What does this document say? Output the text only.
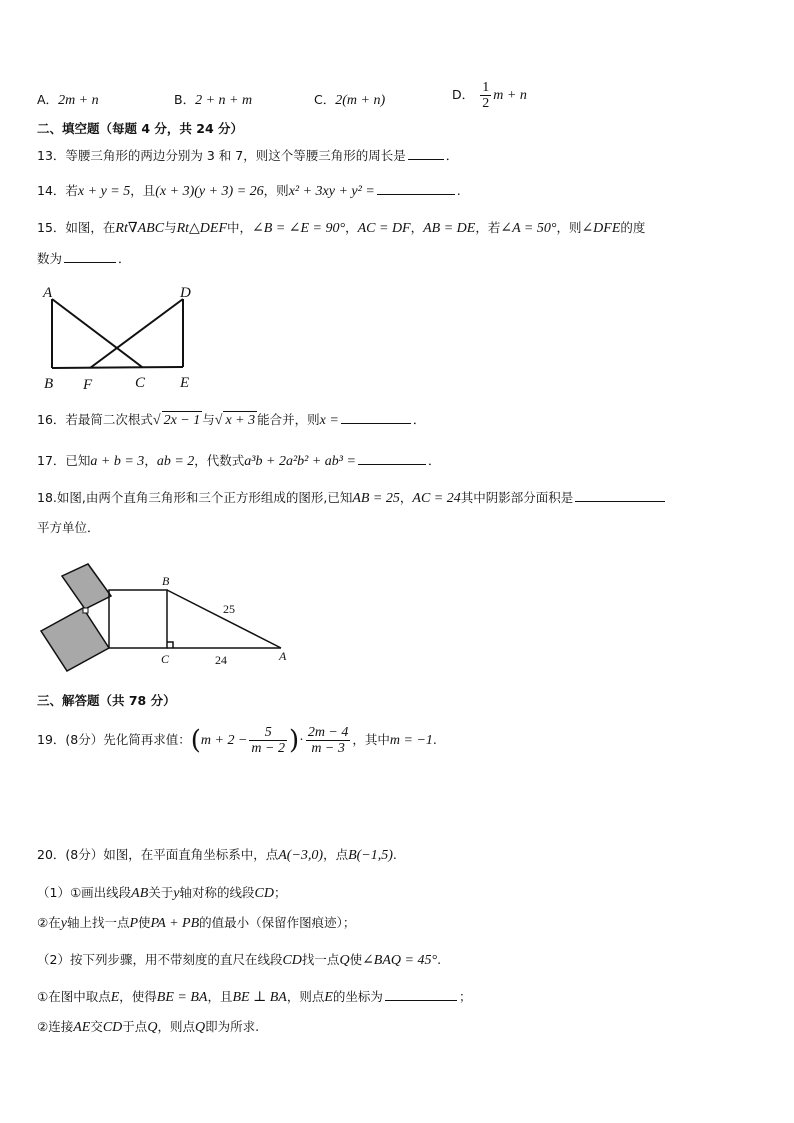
A．2m + n	B．2 + n + m	C．2(m + n)	D． $\frac{1}{2}$ m + n
二、填空题（每题 4 分，共 24 分）
13．等腰三角形的两边分别为 3 和 7，则这个等腰三角形的周长是	．
14．若x + y = 5，且(x + 3)(y + 3) = 26，则x² + 3xy + y² =	.
15．如图，在Rt∇ABC与Rt△DEF中，∠B = ∠E = 90°，AC = DF，AB = DE，若∠A = 50°，则∠DFE的度
数为	．
A
B F	C E
D
16．若最简二次根式√ 2x − 1 与√ x + 3 能合并，则x =	．
17．已知a + b = 3，ab = 2，代数式a³b + 2a²b² + ab³ =	．
18.如图,由两个直角三角形和三个正方形组成的图形,已知AB = 25，AC = 24其中阴影部分面积是
平方单位．
B
C	A
25
24
三、解答题（共 78 分）
19．(8分）先化简再求值：($m + 2 - \frac{5}{m - 2}$ )· $\frac{2m - 4}{m - 3}$ ，其中m = −1.
20．(8分）如图，在平面直角坐标系中，点A(−3,0)，点B(−1,5).
（1）①画出线段AB关于y轴对称的线段CD；
②在y轴上找一点P使PA + PB的值最小（保留作图痕迹）；
（2）按下列步骤，用不带刻度的直尺在线段CD找一点Q使∠BAQ = 45°.
①在图中取点E，使得BE = BA，且BE ⊥ BA，则点E的坐标为	；
②连接AE交CD于点Q，则点Q即为所求.
